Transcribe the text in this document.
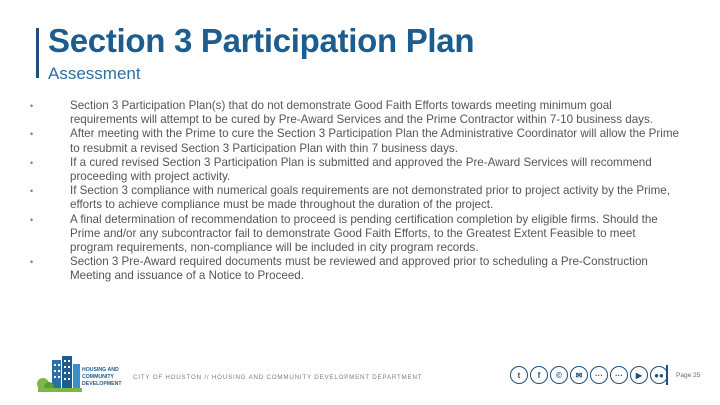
Section 3 Participation Plan
Assessment
•	Section 3 Participation Plan(s) that do not demonstrate Good Faith Efforts towards meeting minimum goal requirements will attempt to be cured by Pre-Award Services and the Prime Contractor within 7-10 business days.
•	After meeting with the Prime to cure the Section 3 Participation Plan the Administrative Coordinator will allow the Prime to resubmit a revised Section 3 Participation Plan with thin 7 business days.
•	If a cured revised Section 3 Participation Plan is submitted and approved the Pre-Award Services will recommend proceeding with project activity.
•	If Section 3 compliance with numerical goals requirements are not demonstrated prior to project activity by the Prime, efforts to achieve compliance must be made throughout the duration of the project.
•	A final determination of recommendation to proceed is pending certification completion by eligible firms. Should the Prime and/or any subcontractor fail to demonstrate Good Faith Efforts, to the Greatest Extent Feasible to meet program requirements, non-compliance will be included in city program records.
•	Section 3 Pre-Award required documents must be reviewed and approved prior to scheduling a Pre-Construction Meeting and issuance of a Notice to Proceed.
HOUSING AND
COMMUNITY
DEVELOPMENT
CITY OF HOUSTON // HOUSING AND COMMUNITY DEVELOPMENT DEPARTMENT	t	f	©	✉	···	···	▶	●●	Page 25
